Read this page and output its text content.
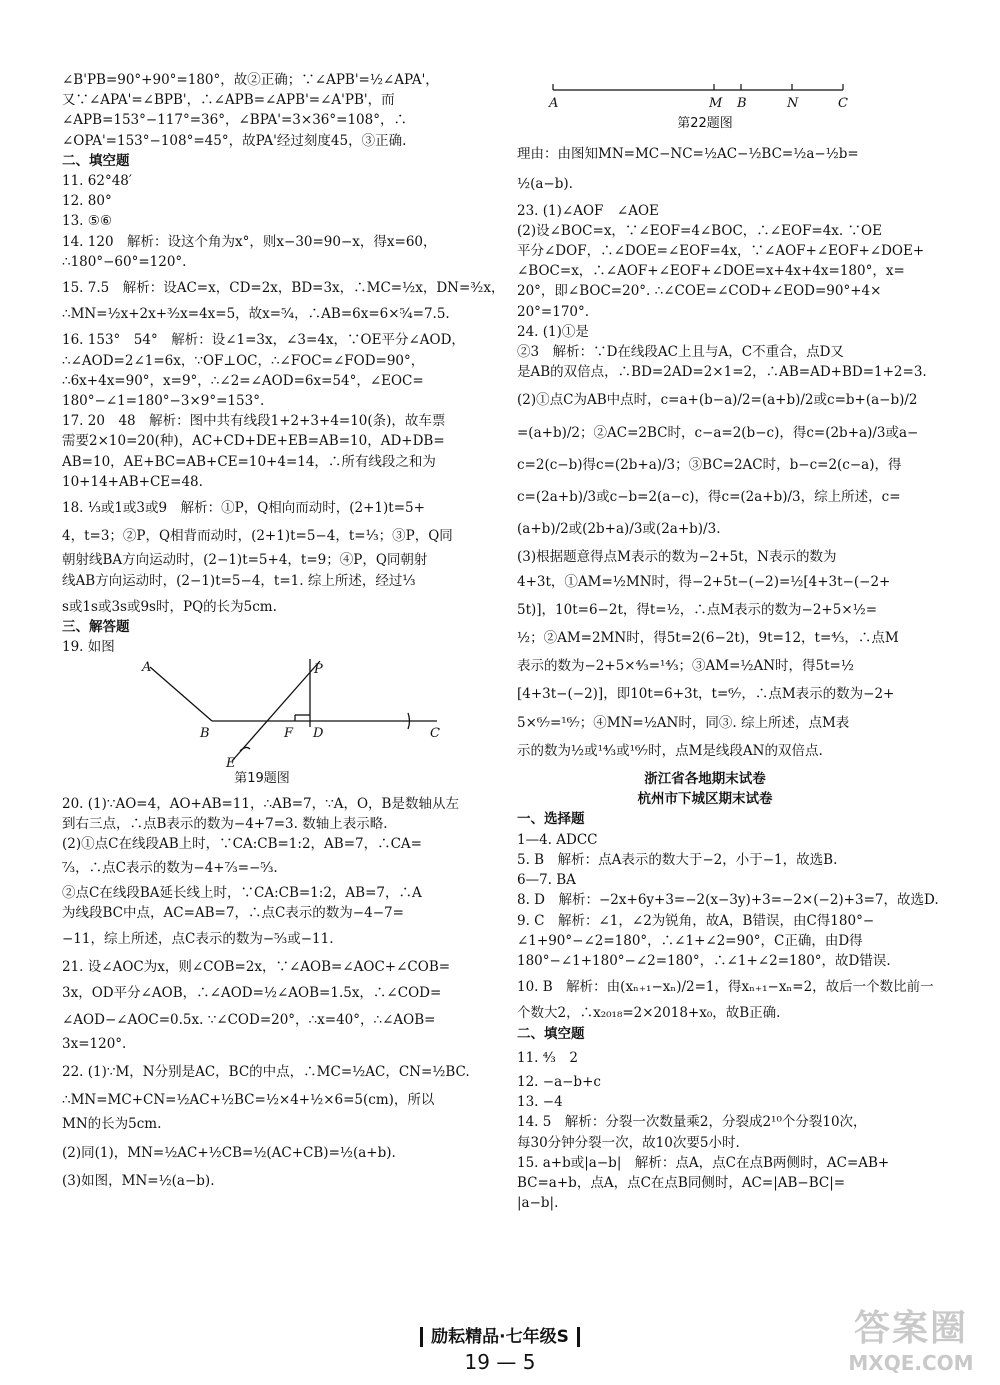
∠B'PB=90°+90°=180°，故②正确；∵∠APB'=½∠APA'，
又∵∠APA'=∠BPB'，∴∠APB=∠APB'=∠A'PB'，而
∠APB=153°−117°=36°，∠BPA'=3×36°=108°，∴
∠OPA'=153°−108°=45°，故PA'经过刻度45，③正确.
二、填空题
11. 62°48′
12. 80°
13. ⑤⑥
14. 120　解析：设这个角为x°，则x−30=90−x，得x=60，
∴180°−60°=120°.
15. 7.5　解析：设AC=x，CD=2x，BD=3x，∴MC=½x，DN=³⁄₂x，
∴MN=½x+2x+³⁄₂x=4x=5，故x=⁵⁄₄，∴AB=6x=6×⁵⁄₄=7.5.
16. 153°　54°　解析：设∠1=3x，∠3=4x，∵OE平分∠AOD，
∴∠AOD=2∠1=6x，∵OF⊥OC，∴∠FOC=∠FOD=90°，
∴6x+4x=90°，x=9°，∴∠2=∠AOD=6x=54°，∠EOC=
180°−∠1=180°−3×9°=153°.
17. 20　48　解析：图中共有线段1+2+3+4=10(条)，故车票
需要2×10=20(种)，AC+CD+DE+EB=AB=10，AD+DB=
AB=10，AE+BC=AB+CE=10+4=14，∴所有线段之和为
10+14+AB+CE=48.
18. ⅓或1或3或9　解析：①P，Q相向而动时，(2+1)t=5+
4，t=3；②P，Q相背而动时，(2+1)t=5−4，t=⅓；③P，Q同
朝射线BA方向运动时，(2−1)t=5+4，t=9；④P，Q同朝射
线AB方向运动时，(2−1)t=5−4，t=1. 综上所述，经过⅓
s或1s或3s或9s时，PQ的长为5cm.
三、解答题
19. 如图
A	P
B	F D	C
E
第19题图
20. (1)∵AO=4，AO+AB=11，∴AB=7，∵A，O，B是数轴从左
到右三点，∴点B表示的数为−4+7=3. 数轴上表示略.
(2)①点C在线段AB上时，∵CA:CB=1:2，AB=7，∴CA=
⁷⁄₃，∴点C表示的数为−4+⁷⁄₃=−⁵⁄₃.
②点C在线段BA延长线上时，∵CA:CB=1:2，AB=7，∴A
为线段BC中点，AC=AB=7，∴点C表示的数为−4−7=
−11，综上所述，点C表示的数为−⁵⁄₃或−11.
21. 设∠AOC为x，则∠COB=2x，∵∠AOB=∠AOC+∠COB=
3x，OD平分∠AOB，∴∠AOD=½∠AOB=1.5x，∴∠COD=
∠AOD−∠AOC=0.5x. ∵∠COD=20°，∴x=40°，∴∠AOB=
3x=120°.
22. (1)∵M，N分别是AC，BC的中点，∴MC=½AC，CN=½BC.
∴MN=MC+CN=½AC+½BC=½×4+½×6=5(cm)，所以
MN的长为5cm.
(2)同(1)，MN=½AC+½CB=½(AC+CB)=½(a+b).
(3)如图，MN=½(a−b).
A	M B	N	C
第22题图
理由：由图知MN=MC−NC=½AC−½BC=½a−½b=
½(a−b).
23. (1)∠AOF　∠AOE
(2)设∠BOC=x，∵∠EOF=4∠BOC，∴∠EOF=4x. ∵OE
平分∠DOF，∴∠DOE=∠EOF=4x，∵∠AOF+∠EOF+∠DOE+
∠BOC=x，∴∠AOF+∠EOF+∠DOE=x+4x+4x=180°，x=
20°，即∠BOC=20°. ∴∠COE=∠COD+∠EOD=90°+4×
20°=170°.
24. (1)①是
②3　解析：∵D在线段AC上且与A，C不重合，点D又
是AB的双倍点，∴BD=2AD=2×1=2，∴AB=AD+BD=1+2=3.
(2)①点C为AB中点时，c=a+(b−a)/2=(a+b)/2或c=b+(a−b)/2
=(a+b)/2；②AC=2BC时，c−a=2(b−c)，得c=(2b+a)/3或a−
c=2(c−b)得c=(2b+a)/3；③BC=2AC时，b−c=2(c−a)，得
c=(2a+b)/3或c−b=2(a−c)，得c=(2a+b)/3，综上所述，c=
(a+b)/2或(2b+a)/3或(2a+b)/3.
(3)根据题意得点M表示的数为−2+5t，N表示的数为
4+3t，①AM=½MN时，得−2+5t−(−2)=½[4+3t−(−2+
5t)]，10t=6−2t，得t=½，∴点M表示的数为−2+5×½=
½；②AM=2MN时，得5t=2(6−2t)，9t=12，t=⁴⁄₃，∴点M
表示的数为−2+5×⁴⁄₃=¹⁴⁄₃；③AM=½AN时，得5t=½
[4+3t−(−2)]，即10t=6+3t，t=⁶⁄₇，∴点M表示的数为−2+
5×⁶⁄₇=¹⁶⁄₇；④MN=½AN时，同③. 综上所述，点M表
示的数为½或¹⁴⁄₃或¹⁶⁄₇时，点M是线段AN的双倍点.
浙江省各地期末试卷
杭州市下城区期末试卷
一、选择题
1—4. ADCC
5. B　解析：点A表示的数大于−2，小于−1，故选B.
6—7. BA
8. D　解析：−2x+6y+3=−2(x−3y)+3=−2×(−2)+3=7，故选D.
9. C　解析：∠1，∠2为锐角，故A，B错误，由C得180°−
∠1+90°−∠2=180°，∴∠1+∠2=90°，C正确，由D得
180°−∠1+180°−∠2=180°，∴∠1+∠2=180°，故D错误.
10. B　解析：由(xₙ₊₁−xₙ)/2=1，得xₙ₊₁−xₙ=2，故后一个数比前一
个数大2，∴x₂₀₁₈=2×2018+x₀，故B正确.
二、填空题
11. ⁴⁄₃　2
12. −a−b+c
13. −4
14. 5　解析：分裂一次数量乘2，分裂成2¹⁰个分裂10次，
每30分钟分裂一次，故10次要5小时.
15. a+b或|a−b|　解析：点A，点C在点B两侧时，AC=AB+
BC=a+b，点A，点C在点B同侧时，AC=|AB−BC|=
|a−b|.
励耘精品·七年级S
19 — 5
答案圈
MXQE.COM
